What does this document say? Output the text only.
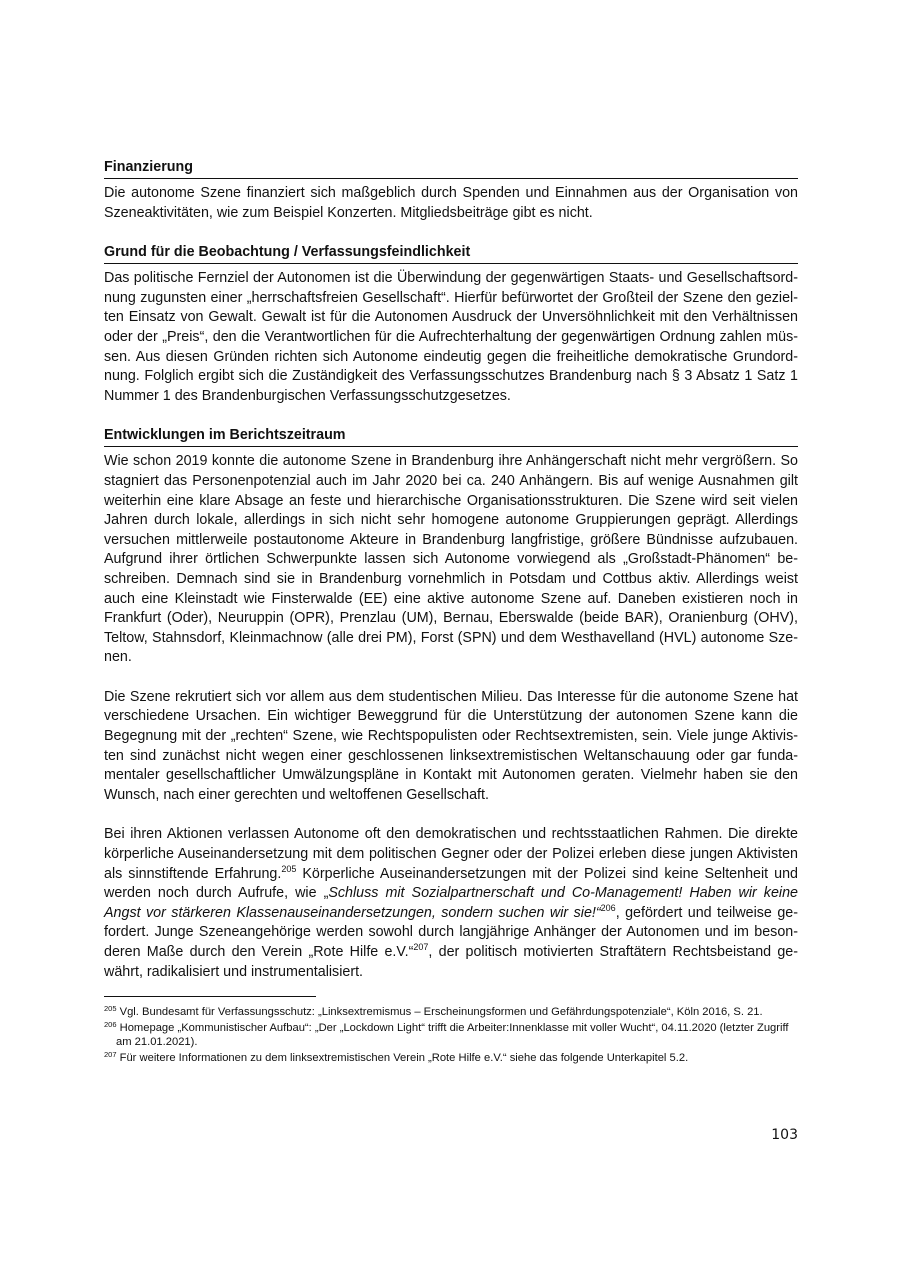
Finanzierung

Die autonome Szene finanziert sich maßgeblich durch Spenden und Einnahmen aus der Organisation von Szeneaktivitäten, wie zum Beispiel Konzerten. Mitgliedsbeiträge gibt es nicht.

Grund für die Beobachtung / Verfassungsfeindlichkeit

Das politische Fernziel der Autonomen ist die Überwindung der gegenwärtigen Staats- und Gesellschaftsordnung zugunsten einer „herrschaftsfreien Gesellschaft“. Hierfür befürwortet der Großteil der Szene den gezielten Einsatz von Gewalt. Gewalt ist für die Autonomen Ausdruck der Unversöhnlichkeit mit den Verhältnissen oder der „Preis“, den die Verantwortlichen für die Aufrechterhaltung der gegenwärtigen Ordnung zahlen müssen. Aus diesen Gründen richten sich Autonome eindeutig gegen die freiheitliche demokratische Grundordnung. Folglich ergibt sich die Zuständigkeit des Verfassungsschutzes Brandenburg nach § 3 Absatz 1 Satz 1 Nummer 1 des Brandenburgischen Verfassungsschutzgesetzes.

Entwicklungen im Berichtszeitraum

Wie schon 2019 konnte die autonome Szene in Brandenburg ihre Anhängerschaft nicht mehr vergrößern. So stagniert das Personenpotenzial auch im Jahr 2020 bei ca. 240 Anhängern. Bis auf wenige Ausnahmen gilt weiterhin eine klare Absage an feste und hierarchische Organisationsstrukturen. Die Szene wird seit vielen Jahren durch lokale, allerdings in sich nicht sehr homogene autonome Gruppierungen geprägt. Allerdings versuchen mittlerweile postautonome Akteure in Brandenburg langfristige, größere Bündnisse aufzubauen. Aufgrund ihrer örtlichen Schwerpunkte lassen sich Autonome vorwiegend als „Großstadt-Phänomen“ beschreiben. Demnach sind sie in Brandenburg vornehmlich in Potsdam und Cottbus aktiv. Allerdings weist auch eine Kleinstadt wie Finsterwalde (EE) eine aktive autonome Szene auf. Daneben existieren noch in Frankfurt (Oder), Neuruppin (OPR), Prenzlau (UM), Bernau, Eberswalde (beide BAR), Oranienburg (OHV), Teltow, Stahnsdorf, Kleinmachnow (alle drei PM), Forst (SPN) und dem Westhavelland (HVL) autonome Szenen.

Die Szene rekrutiert sich vor allem aus dem studentischen Milieu. Das Interesse für die autonome Szene hat verschiedene Ursachen. Ein wichtiger Beweggrund für die Unterstützung der autonomen Szene kann die Begegnung mit der „rechten“ Szene, wie Rechtspopulisten oder Rechtsextremisten, sein. Viele junge Aktivisten sind zunächst nicht wegen einer geschlossenen linksextremistischen Weltanschauung oder gar fundamentaler gesellschaftlicher Umwälzungspläne in Kontakt mit Autonomen geraten. Vielmehr haben sie den Wunsch, nach einer gerechten und weltoffenen Gesellschaft.

Bei ihren Aktionen verlassen Autonome oft den demokratischen und rechtsstaatlichen Rahmen. Die direkte körperliche Auseinandersetzung mit dem politischen Gegner oder der Polizei erleben diese jungen Aktivisten als sinnstiftende Erfahrung.$^{205}$ Körperliche Auseinandersetzungen mit der Polizei sind keine Seltenheit und werden noch durch Aufrufe, wie „Schluss mit Sozialpartnerschaft und Co-Management! Haben wir keine Angst vor stärkeren Klassenauseinandersetzungen, sondern suchen wir sie!“$^{206}$, gefördert und teilweise gefordert. Junge Szeneangehörige werden sowohl durch langjährige Anhänger der Autonomen und im besonderen Maße durch den Verein „Rote Hilfe e.V.“$^{207}$, der politisch motivierten Straftätern Rechtsbeistand gewährt, radikalisiert und instrumentalisiert.

$^{205}$ Vgl. Bundesamt für Verfassungsschutz: „Linksextremismus – Erscheinungsformen und Gefährdungspotenziale“, Köln 2016, S. 21.

$^{206}$ Homepage „Kommunistischer Aufbau“: „Der „Lockdown Light“ trifft die Arbeiter:Innenklasse mit voller Wucht“, 04.11.2020 (letzter Zugriff am 21.01.2021).

$^{207}$ Für weitere Informationen zu dem linksextremistischen Verein „Rote Hilfe e.V.“ siehe das folgende Unterkapitel 5.2.

103
